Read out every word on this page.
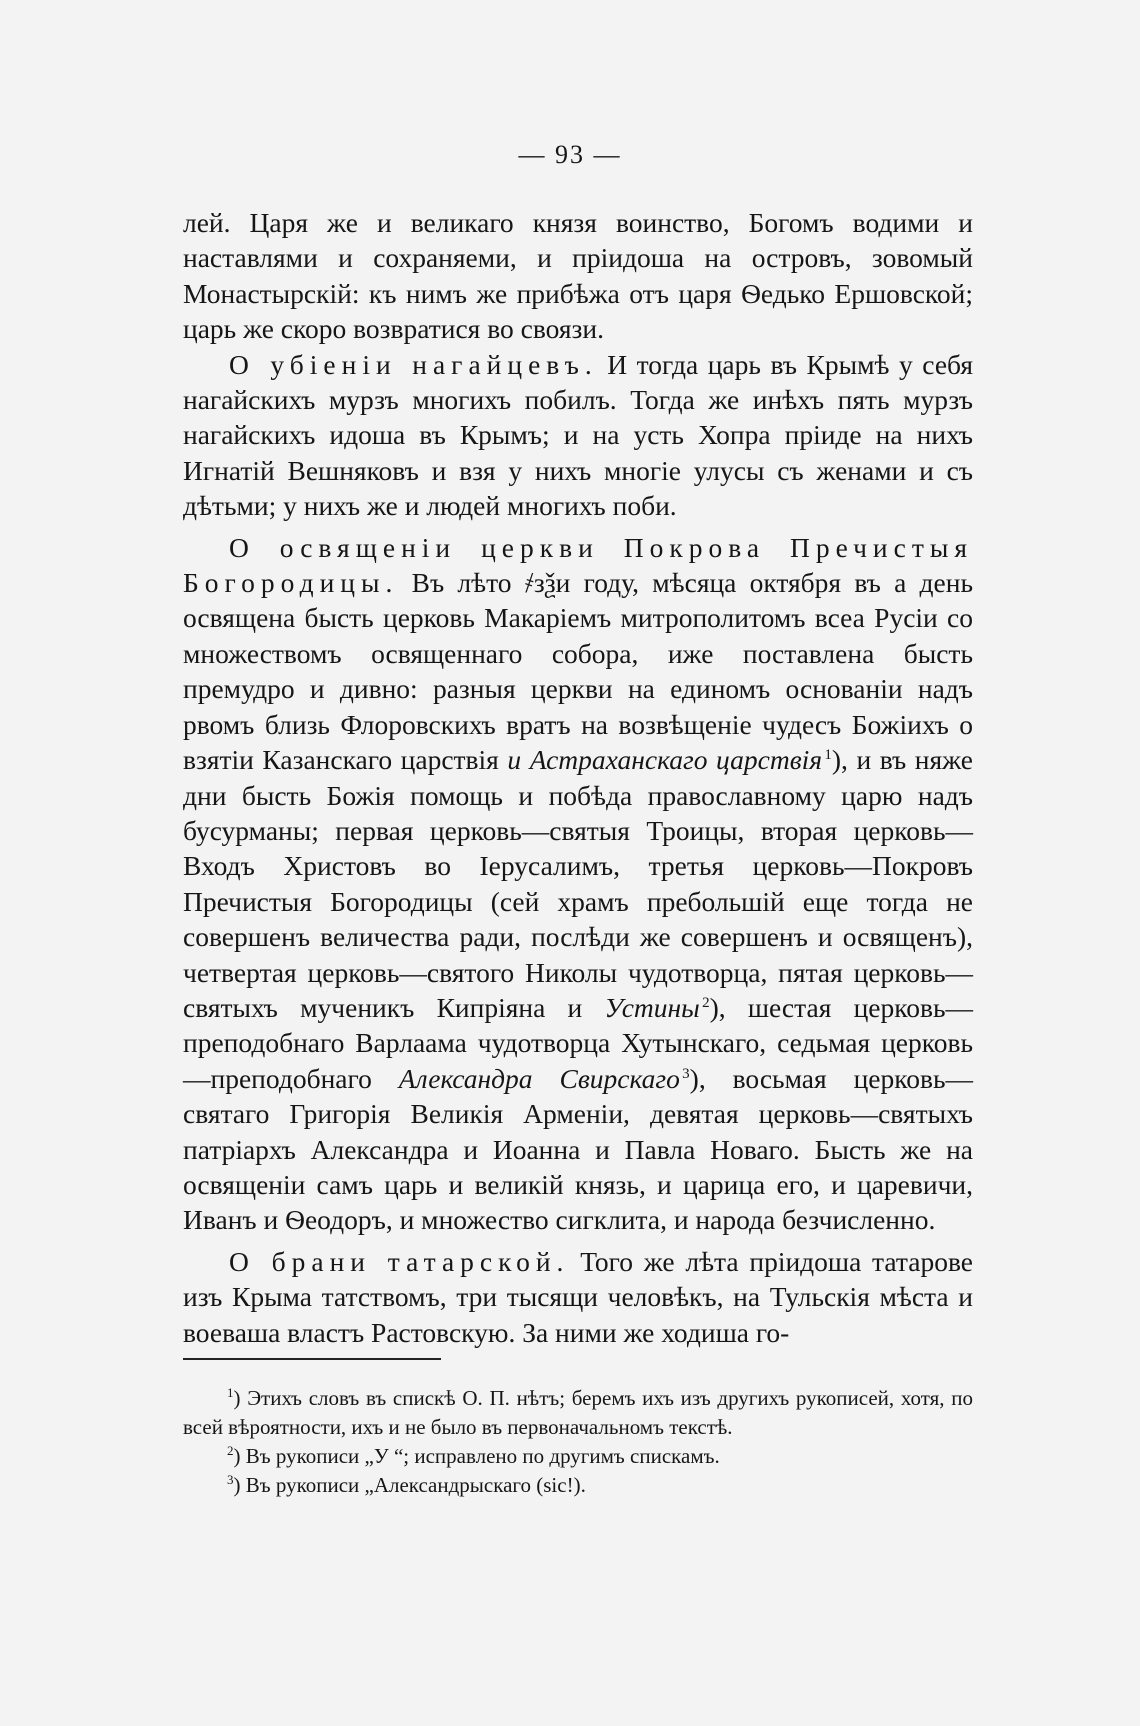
— 93 —

лей. Царя же и великаго князя воинство, Богомъ водими и наставлями и сохраняеми, и пріидоша на островъ, зовомый Монастырскій: къ нимъ же прибѣжа отъ царя Ѳедько Ершовской; царь же скоро возвратися во своязи.

О убіеніи нагайцевъ. И тогда царь въ Крымѣ у себя нагайскихъ мурзъ многихъ побилъ. Тогда же инѣхъ пять мурзъ нагайскихъ идоша въ Крымъ; и на усть Хопра пріиде на нихъ Игнатій Вешняковъ и взя у нихъ многіе улусы съ женами и съ дѣтьми; у нихъ же и людей многихъ поби.

О освященіи церкви Покрова Пречистыя Богородицы. Въ лѣто ҂зѯи году, мѣсяца октября въ а день освящена бысть церковь Макаріемъ митрополитомъ всеа Русіи со множествомъ освященнаго собора, иже поставлена бысть премудро и дивно: разныя церкви на единомъ основаніи надъ рвомъ близь Флоровскихъ вратъ на возвѣщеніе чудесъ Божіихъ о взятіи Казанскаго царствія и Астраханскаго царствія  $^1$), и въ няже дни бысть Божія помощь и побѣда православному царю надъ бусурманы; первая церковь—святыя Троицы, вторая церковь—Входъ Христовъ во Іерусалимъ, третья церковь—Покровъ Пречистыя Богородицы (сей храмъ пребольшій еще тогда не совершенъ величества ради, послѣди же совершенъ и освященъ), четвертая церковь—святого Николы чудотворца, пятая церковь—святыхъ мученикъ Кипріяна и Устины  $^2$), шестая церковь—преподобнаго Варлаама чудотворца Хутынскаго, седьмая церковь—преподобнаго Александра Свирскаго  $^3$), восьмая церковь—святаго Григорія Великія Арменіи, девятая церковь—святыхъ патріархъ Александра и Иоанна и Павла Новаго. Бысть же на освященіи самъ царь и великій князь, и царица его, и царевичи, Иванъ и Ѳеодоръ, и множество сигклита, и народа безчисленно.

О брани татарской. Того же лѣта пріидоша татарове изъ Крыма татствомъ, три тысящи человѣкъ, на Тульскія мѣста и воеваша властъ Растовскую. За ними же ходиша го-

$^1$) Этихъ словъ въ спискѣ О. П. нѣтъ; беремъ ихъ изъ другихъ рукописей, хотя, по всей вѣроятности, ихъ и не было въ первоначальномъ текстѣ.

$^2$) Въ рукописи „У “; исправлено по другимъ спискамъ.

$^3$) Въ рукописи „Александрыскаго (sic!).
